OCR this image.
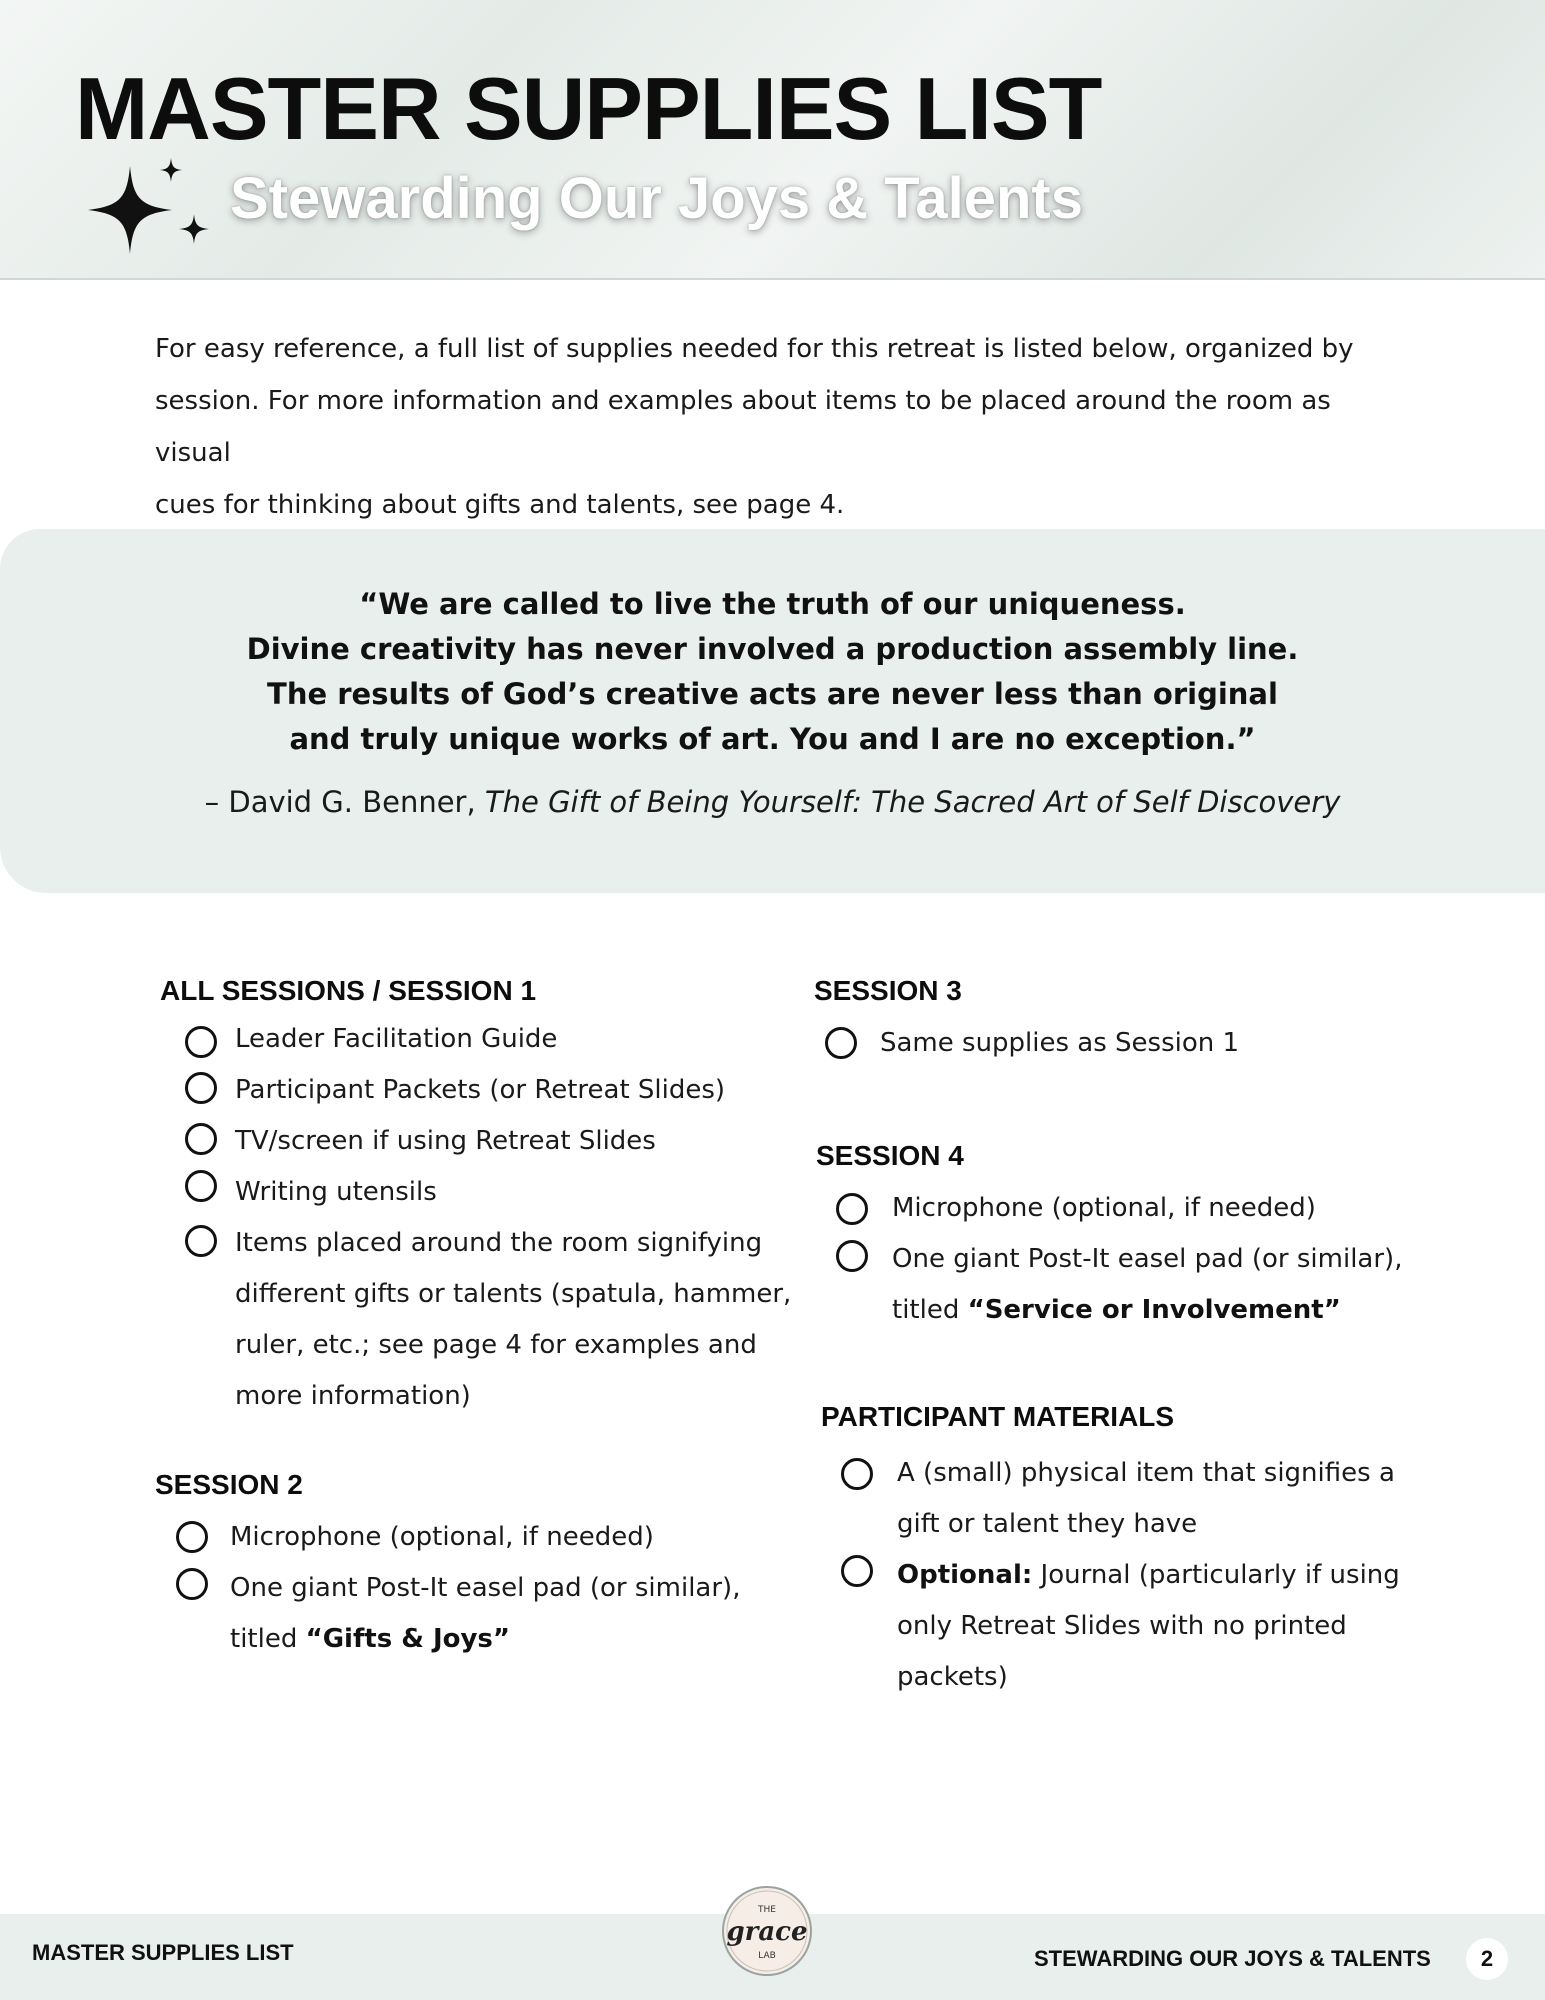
MASTER SUPPLIES LIST
Stewarding Our Joys & Talents
For easy reference, a full list of supplies needed for this retreat is listed below, organized by
session. For more information and examples about items to be placed around the room as visual
cues for thinking about gifts and talents, see page 4.
“We are called to live the truth of our uniqueness.
Divine creativity has never involved a production assembly line.
The results of God’s creative acts are never less than original
and truly unique works of art. You and I are no exception.”
– David G. Benner, The Gift of Being Yourself: The Sacred Art of Self Discovery
ALL SESSIONS / SESSION 1
Leader Facilitation Guide
Participant Packets (or Retreat Slides)
TV/screen if using Retreat Slides
Writing utensils
Items placed around the room signifying
different gifts or talents (spatula, hammer,
ruler, etc.; see page 4 for examples and
more information)
SESSION 2
Microphone (optional, if needed)
One giant Post-It easel pad (or similar),
titled “Gifts & Joys”
SESSION 3
Same supplies as Session 1
SESSION 4
Microphone (optional, if needed)
One giant Post-It easel pad (or similar),
titled “Service or Involvement”
PARTICIPANT MATERIALS
A (small) physical item that signifies a
gift or talent they have
Optional: Journal (particularly if using
only Retreat Slides with no printed
packets)
MASTER SUPPLIES LIST
THE
grace
LAB	STEWARDING OUR JOYS & TALENTS	2
